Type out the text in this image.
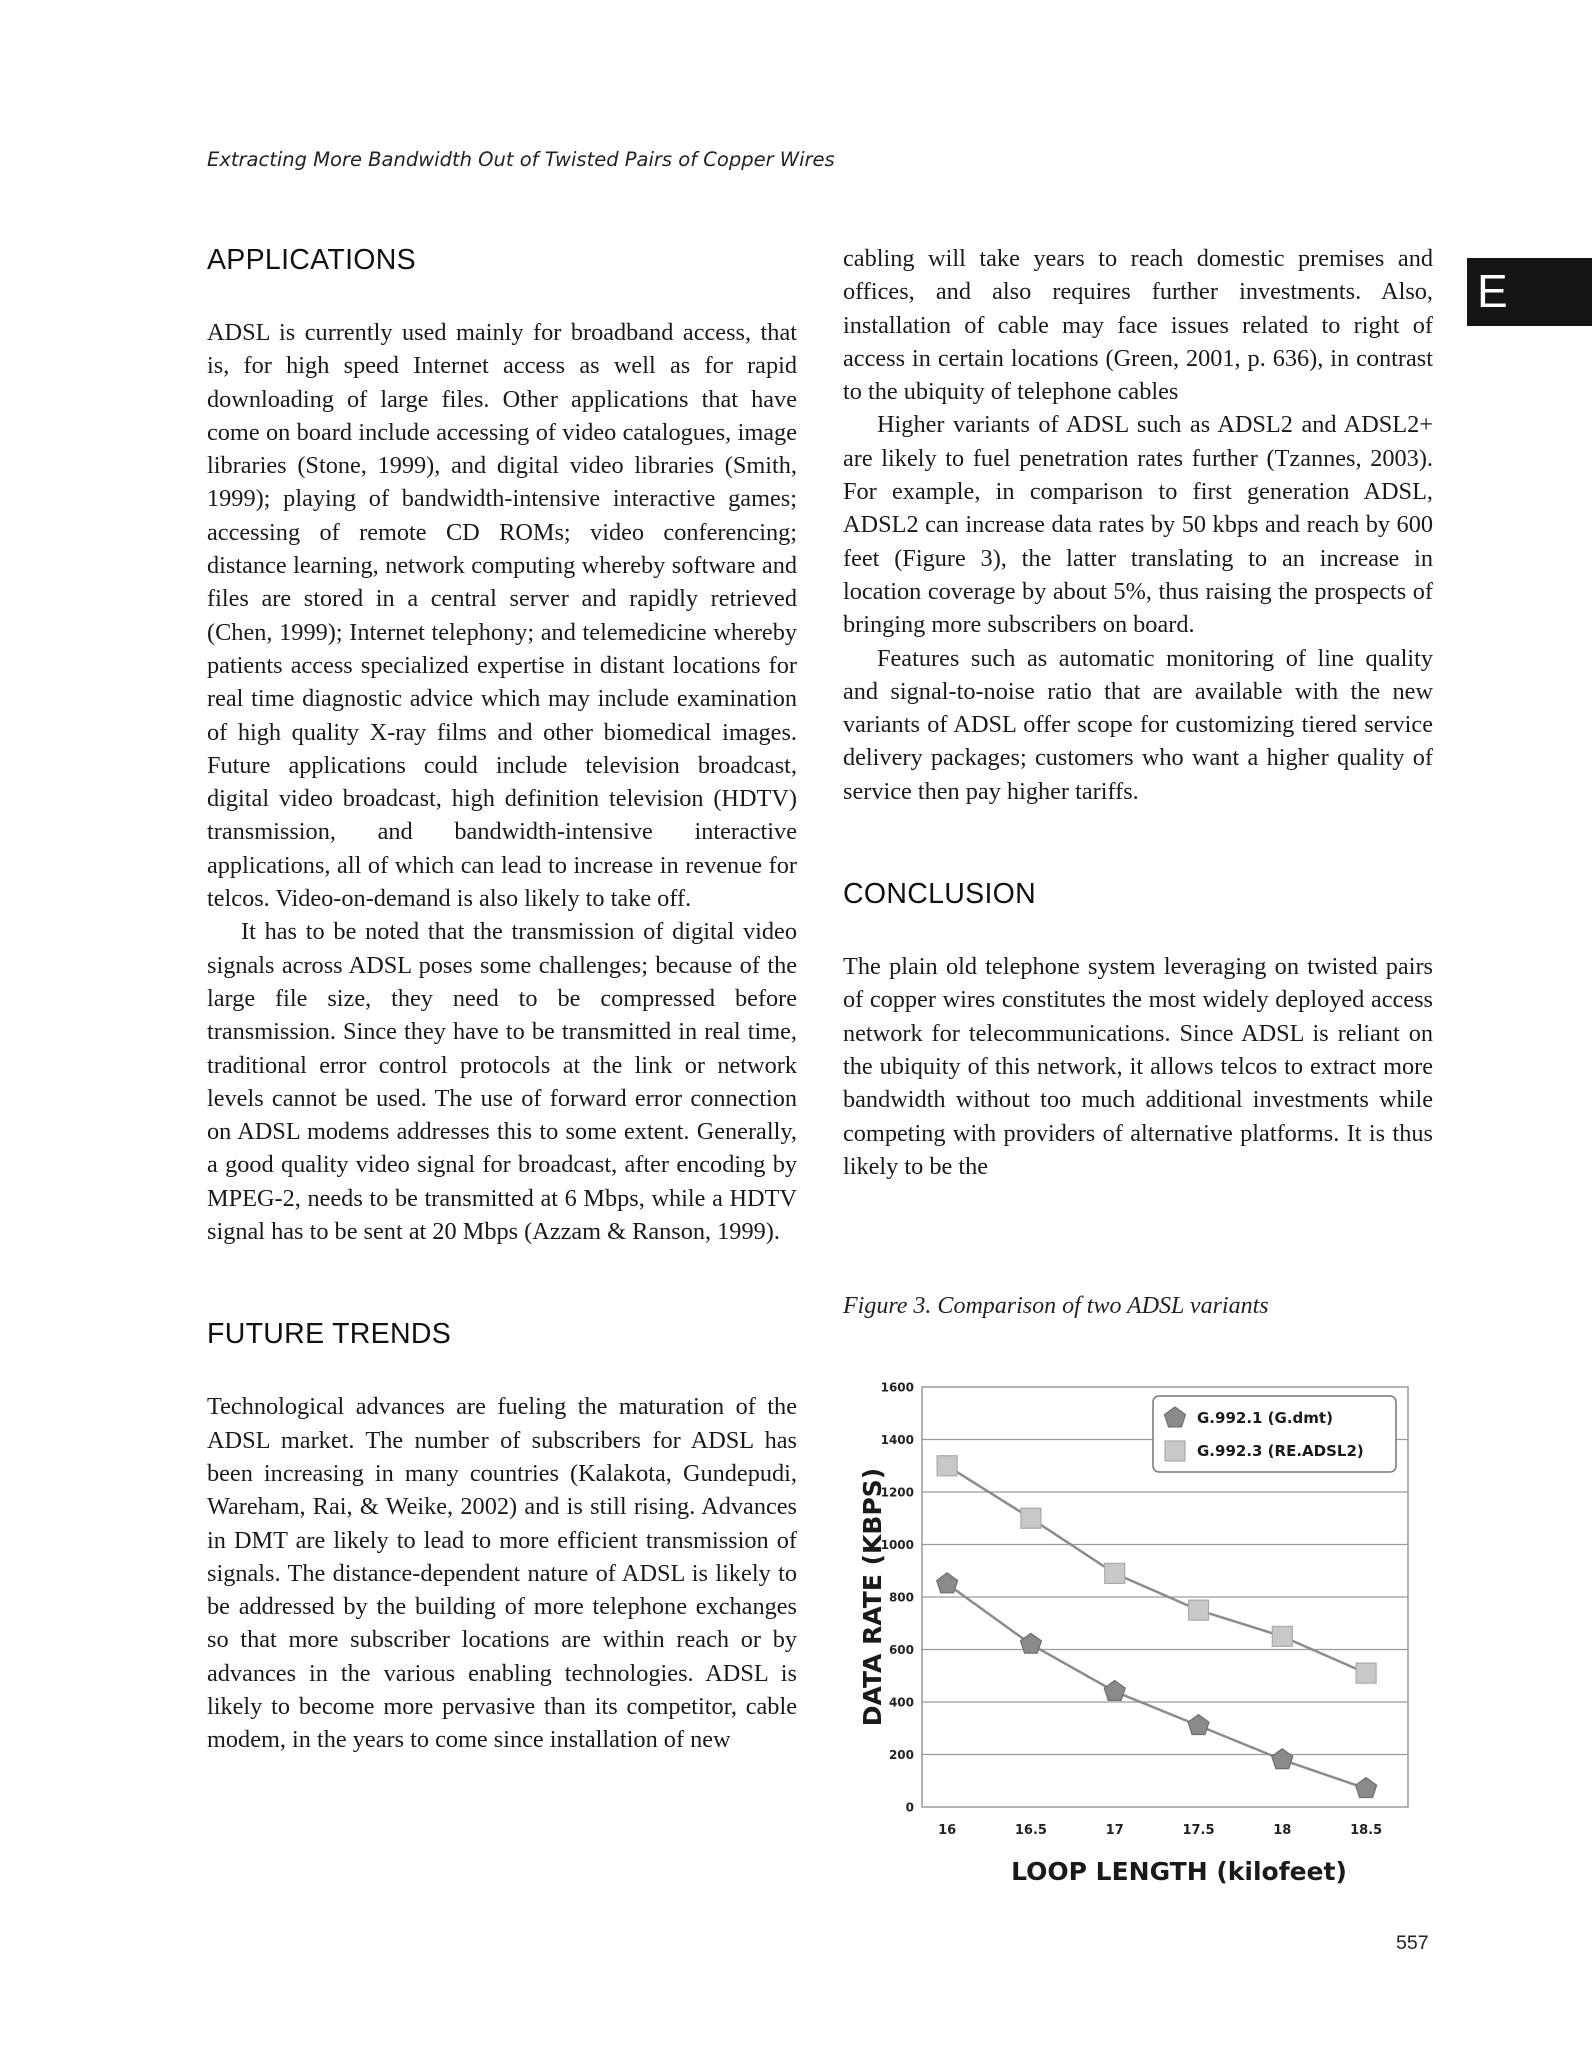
Extracting More Bandwidth Out of Twisted Pairs of Copper Wires
E
APPLICATIONS

ADSL is currently used mainly for broadband access, that is, for high speed Internet access as well as for rapid downloading of large files. Other applications that have come on board include accessing of video catalogues, image libraries (Stone, 1999), and digital video libraries (Smith, 1999); playing of bandwidth-intensive interactive games; accessing of remote CD ROMs; video conferencing; distance learning, network computing whereby software and files are stored in a central server and rapidly retrieved (Chen, 1999); Internet telephony; and telemedicine whereby patients access specialized expertise in distant locations for real time diagnostic advice which may include examination of high quality X-ray films and other biomedical images. Future applications could include television broadcast, digital video broadcast, high definition television (HDTV) transmission, and bandwidth-intensive interactive applications, all of which can lead to increase in revenue for telcos. Video-on-demand is also likely to take off.

It has to be noted that the transmission of digital video signals across ADSL poses some challenges; because of the large file size, they need to be compressed before transmission. Since they have to be transmitted in real time, traditional error control protocols at the link or network levels cannot be used. The use of forward error connection on ADSL modems addresses this to some extent. Generally, a good quality video signal for broadcast, after encoding by MPEG-2, needs to be transmitted at 6 Mbps, while a HDTV signal has to be sent at 20 Mbps (Azzam & Ranson, 1999).

FUTURE TRENDS

Technological advances are fueling the maturation of the ADSL market. The number of subscribers for ADSL has been increasing in many countries (Kalakota, Gundepudi, Wareham, Rai, & Weike, 2002) and is still rising. Advances in DMT are likely to lead to more efficient transmission of signals. The distance-dependent nature of ADSL is likely to be addressed by the building of more telephone exchanges so that more subscriber locations are within reach or by advances in the various enabling technologies. ADSL is likely to become more pervasive than its competitor, cable modem, in the years to come since installation of new

cabling will take years to reach domestic premises and offices, and also requires further investments. Also, installation of cable may face issues related to right of access in certain locations (Green, 2001, p. 636), in contrast to the ubiquity of telephone cables

Higher variants of ADSL such as ADSL2 and ADSL2+ are likely to fuel penetration rates further (Tzannes, 2003). For example, in comparison to first generation ADSL, ADSL2 can increase data rates by 50 kbps and reach by 600 feet (Figure 3), the latter translating to an increase in location coverage by about 5%, thus raising the prospects of bringing more subscribers on board.

Features such as automatic monitoring of line quality and signal-to-noise ratio that are available with the new variants of ADSL offer scope for customizing tiered service delivery packages; customers who want a higher quality of service then pay higher tariffs.

CONCLUSION

The plain old telephone system leveraging on twisted pairs of copper wires constitutes the most widely deployed access network for telecommunications. Since ADSL is reliant on the ubiquity of this network, it allows telcos to extract more bandwidth without too much additional investments while competing with providers of alternative platforms. It is thus likely to be the

Figure 3. Comparison of two ADSL variants
0
200
400
600
800
1000
1200
1400
1600
16	16.5	17	17.5	18	18.5
LOOP LENGTH (kilofeet)
DATA RATE (KBPS)
G.992.1 (G.dmt)
G.992.3 (RE.ADSL2)
557
